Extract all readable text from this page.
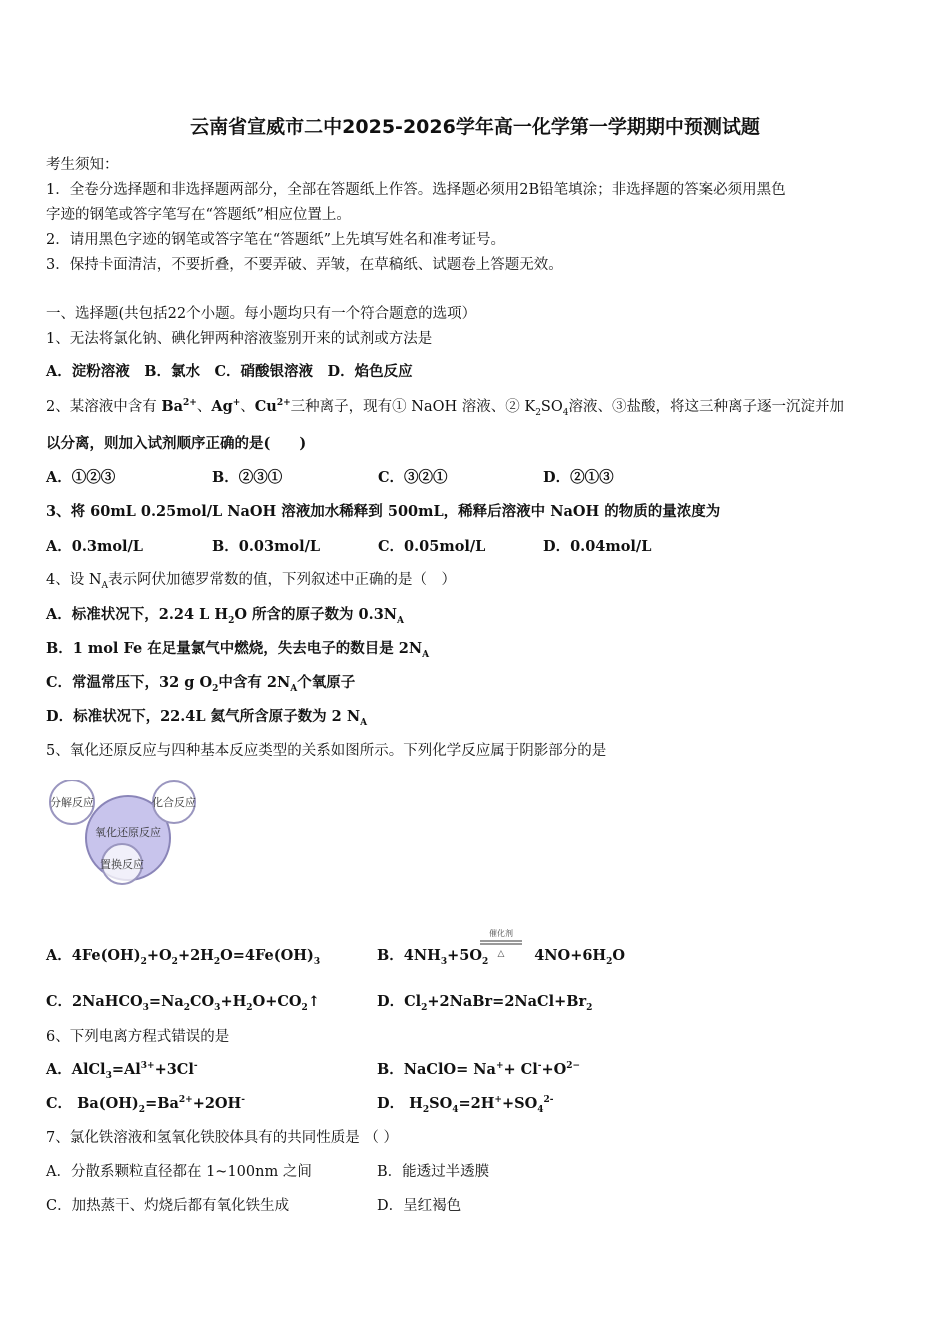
云南省宣威市二中2025-2026学年高一化学第一学期期中预测试题
考生须知：
1．全卷分选择题和非选择题两部分，全部在答题纸上作答。选择题必须用2B铅笔填涂；非选择题的答案必须用黑色
字迹的钢笔或答字笔写在“答题纸”相应位置上。
2．请用黑色字迹的钢笔或答字笔在“答题纸”上先填写姓名和准考证号。
3．保持卡面清洁，不要折叠，不要弄破、弄皱，在草稿纸、试题卷上答题无效。
一、选择题(共包括22个小题。每小题均只有一个符合题意的选项）
1、无法将氯化钠、碘化钾两种溶液鉴别开来的试剂或方法是
A．淀粉溶液　B．氯水　C．硝酸银溶液　D．焰色反应
2、某溶液中含有 $Ba^{2+}$、Ag+、$Cu^{2+}$三种离子，现有① NaOH 溶液、② $K_2SO_4$溶液、③盐酸，将这三种离子逐一沉淀并加
以分离，则加入试剂顺序正确的是(　　)
A．①②③	B．②③①	C．③②①	D．②①③
3、将 60mL 0.25mol/L NaOH 溶液加水稀释到 500mL，稀释后溶液中 NaOH 的物质的量浓度为
A．0.3mol/L	B．0.03mol/L	C．0.05mol/L	D．0.04mol/L
4、设 $N_A$表示阿伏加德罗常数的值，下列叙述中正确的是（　）
A．标准状况下，2.24 L $H_2O$ 所含的原子数为 $0.3N_A$
B．1 mol Fe 在足量氯气中燃烧，失去电子的数目是 $2N_A$
C．常温常压下，32 g $O_2$中含有 $2N_A$个氧原子
D．标准状况下，22.4L 氦气所含原子数为 2 $N_A$
5、氧化还原反应与四种基本反应类型的关系如图所示。下列化学反应属于阴影部分的是
分解反应	化合反应
氧化还原反应
置换反应
A．$4Fe(OH)_2+O_2+2H_2O=4Fe(OH)_3$	B．$4NH_3+5O_2$	$4NO+6H_2O$
催化剂
△
C．$2NaHCO_3=Na_2CO_3+H_2O+CO_2↑$	D．$Cl_2+2NaBr=2NaCl+Br_2$
6、下列电离方程式错误的是
A．$AlCl_3=Al^{3+}+3Cl^-$	B．NaClO= $Na^++ Cl^-+O^{2-}$
C． $Ba(OH)_2=Ba^{2+}+2OH^-$	D． $H_2SO_4=2H^++SO_4^{2-}$
7、氯化铁溶液和氢氧化铁胶体具有的共同性质是 （ ）
A．分散系颗粒直径都在 1~100nm 之间	B．能透过半透膜
C．加热蒸干、灼烧后都有氧化铁生成	D．呈红褐色
